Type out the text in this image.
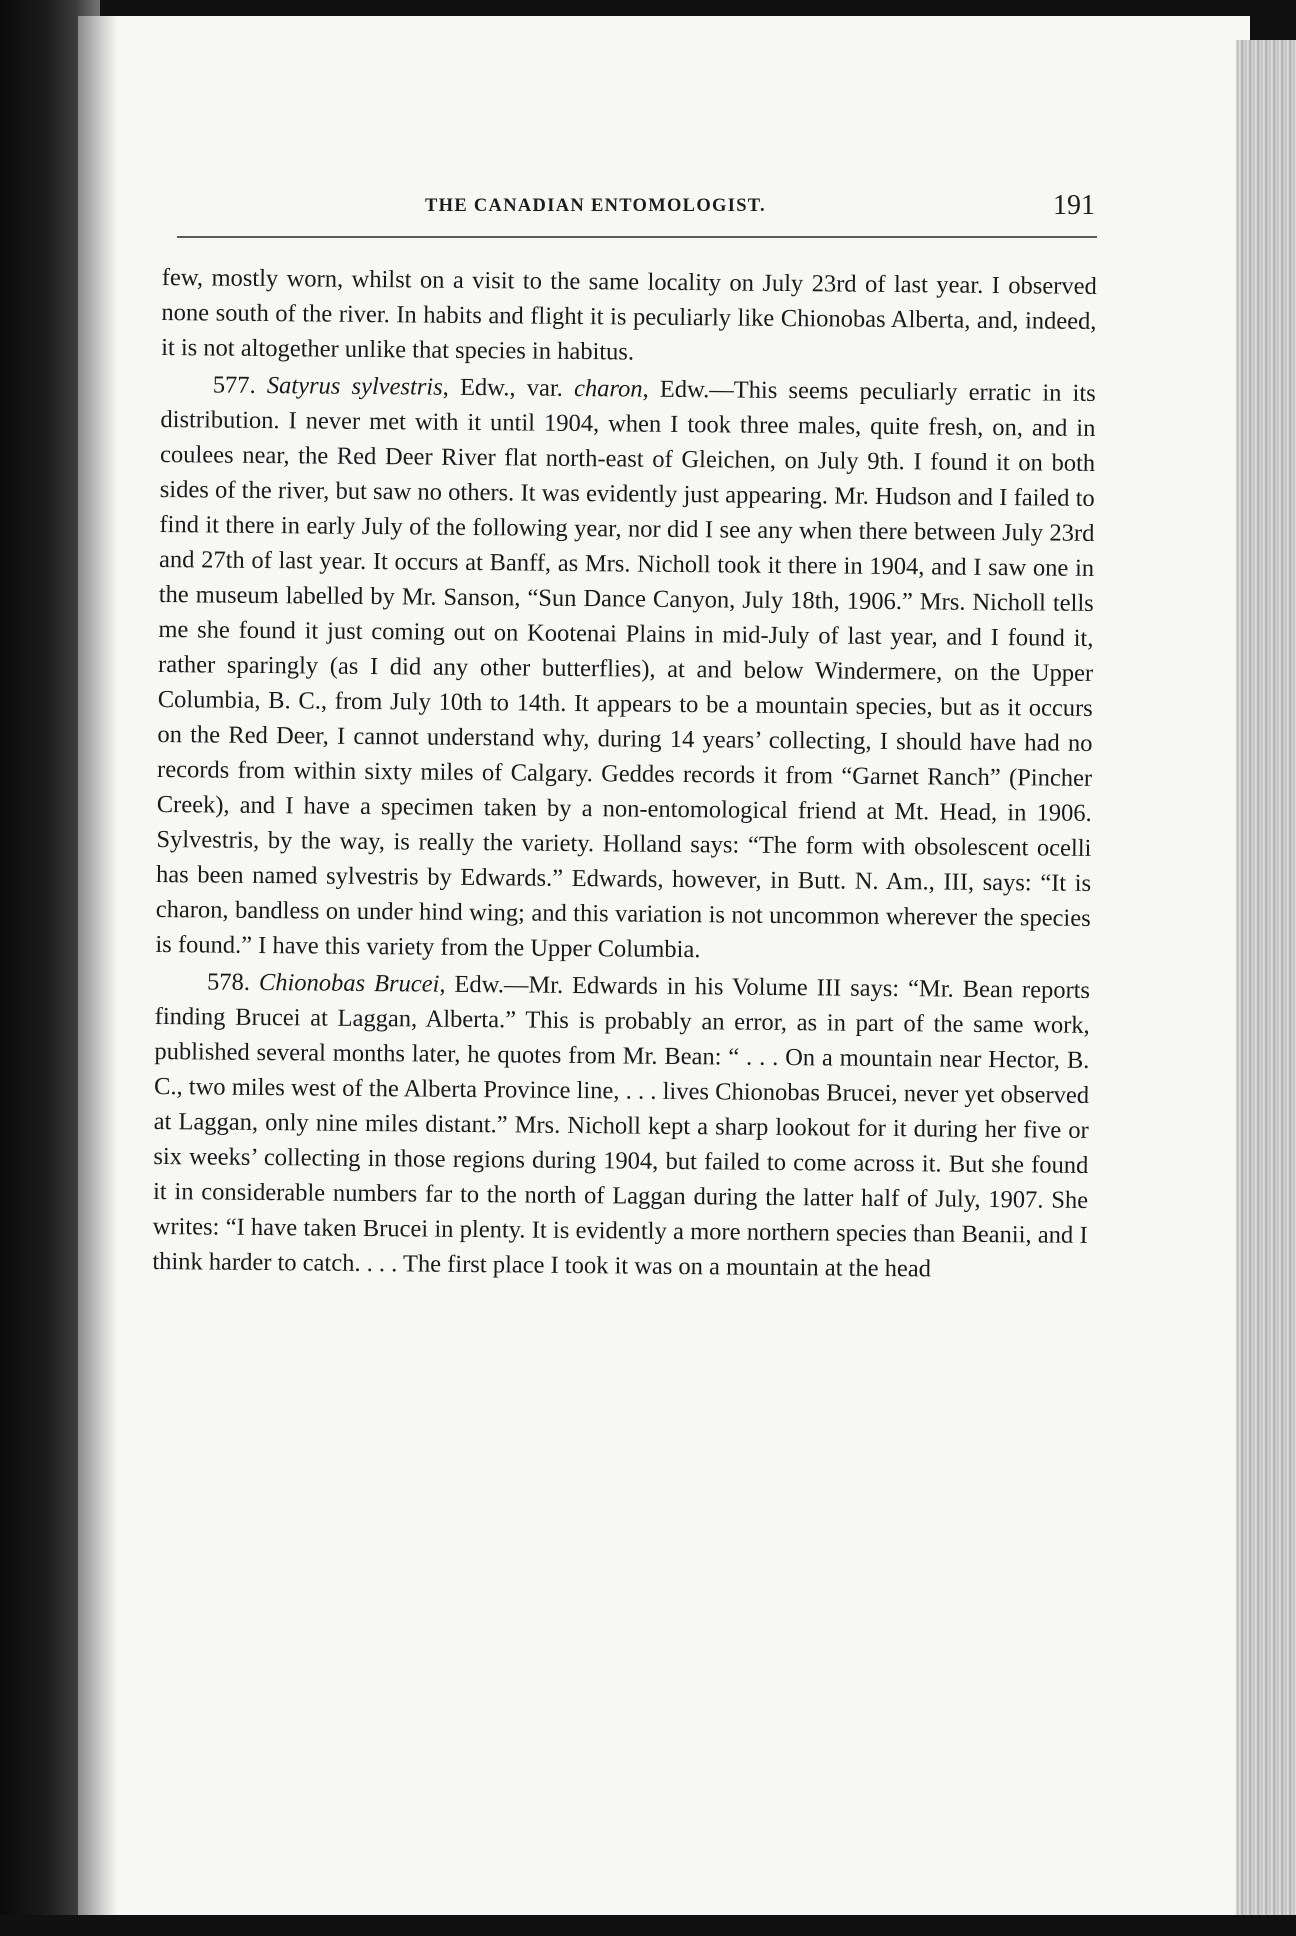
THE CANADIAN ENTOMOLOGIST.	191

few, mostly worn, whilst on a visit to the same locality on July 23rd of last year. I observed none south of the river. In habits and flight it is peculiarly like Chionobas Alberta, and, indeed, it is not altogether unlike that species in habitus.

577. Satyrus sylvestris, Edw., var. charon, Edw.—This seems peculiarly erratic in its distribution. I never met with it until 1904, when I took three males, quite fresh, on, and in coulees near, the Red Deer River flat north-east of Gleichen, on July 9th. I found it on both sides of the river, but saw no others. It was evidently just appearing. Mr. Hudson and I failed to find it there in early July of the following year, nor did I see any when there between July 23rd and 27th of last year. It occurs at Banff, as Mrs. Nicholl took it there in 1904, and I saw one in the museum labelled by Mr. Sanson, “Sun Dance Canyon, July 18th, 1906.” Mrs. Nicholl tells me she found it just coming out on Kootenai Plains in mid-July of last year, and I found it, rather sparingly (as I did any other butterflies), at and below Windermere, on the Upper Columbia, B. C., from July 10th to 14th. It appears to be a mountain species, but as it occurs on the Red Deer, I cannot understand why, during 14 years’ collecting, I should have had no records from within sixty miles of Calgary. Geddes records it from “Garnet Ranch” (Pincher Creek), and I have a specimen taken by a non-entomological friend at Mt. Head, in 1906. Sylvestris, by the way, is really the variety. Holland says: “The form with obsolescent ocelli has been named sylvestris by Edwards.” Edwards, however, in Butt. N. Am., III, says: “It is charon, bandless on under hind wing; and this variation is not uncommon wherever the species is found.” I have this variety from the Upper Columbia.

578. Chionobas Brucei, Edw.—Mr. Edwards in his Volume III says: “Mr. Bean reports finding Brucei at Laggan, Alberta.” This is probably an error, as in part of the same work, published several months later, he quotes from Mr. Bean: “ . . . On a mountain near Hector, B. C., two miles west of the Alberta Province line, . . . lives Chionobas Brucei, never yet observed at Laggan, only nine miles distant.” Mrs. Nicholl kept a sharp lookout for it during her five or six weeks’ collecting in those regions during 1904, but failed to come across it. But she found it in considerable numbers far to the north of Laggan during the latter half of July, 1907. She writes: “I have taken Brucei in plenty. It is evidently a more northern species than Beanii, and I think harder to catch. . . . The first place I took it was on a mountain at the head
